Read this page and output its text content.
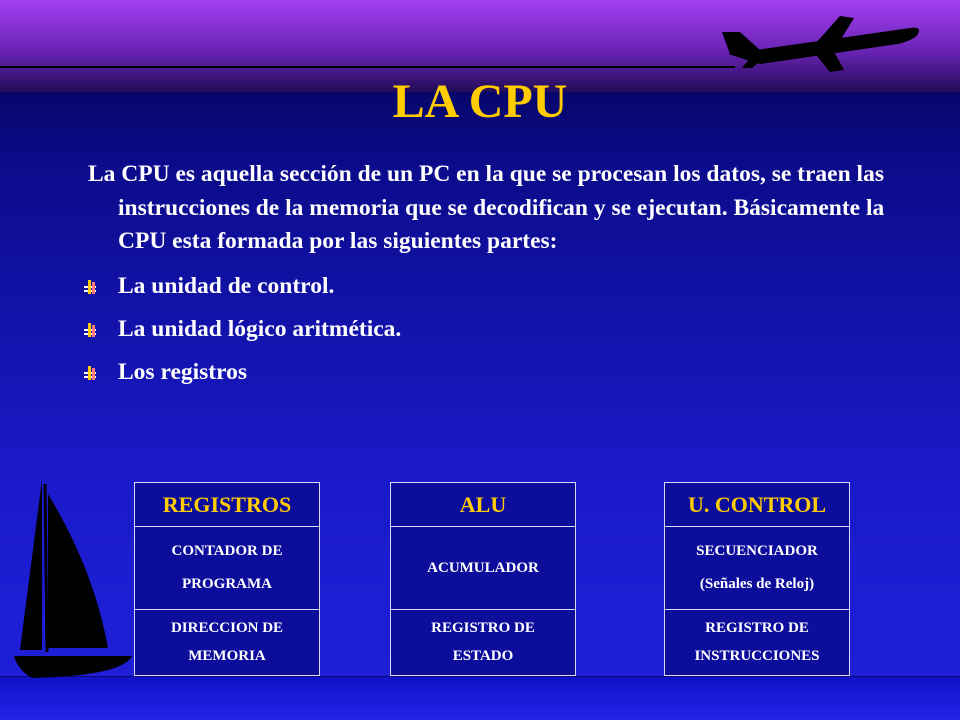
LA CPU

La CPU es aquella sección de un PC en la que se procesan los datos, se traen las instrucciones de la memoria que se decodifican y se ejecutan. Básicamente la CPU esta formada por las siguientes partes:

La unidad de control.
La unidad lógico aritmética.
Los registros
REGISTROS
CONTADOR DE
PROGRAMA
DIRECCION DE
MEMORIA
ALU
ACUMULADOR
REGISTRO DE
ESTADO
U. CONTROL
SECUENCIADOR
(Señales de Reloj)
REGISTRO DE
INSTRUCCIONES
